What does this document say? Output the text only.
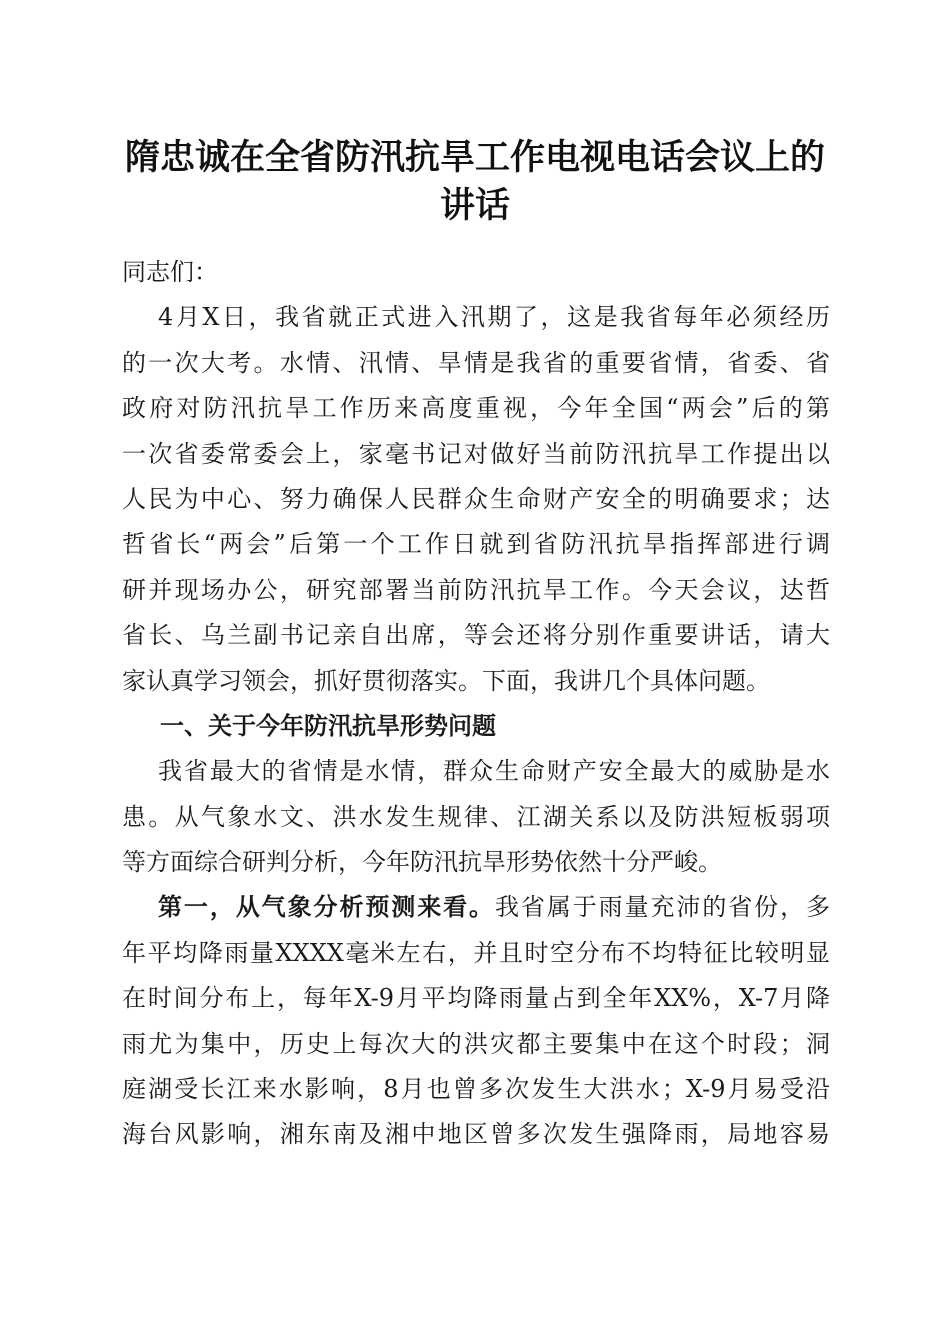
隋忠诚在全省防汛抗旱工作电视电话会议上的
讲话
同志们：
4月X日，我省就正式进入汛期了，这是我省每年必须经历
的一次大考。水情、汛情、旱情是我省的重要省情，省委、省
政府对防汛抗旱工作历来高度重视，今年全国“两会”后的第
一次省委常委会上，家毫书记对做好当前防汛抗旱工作提出以
人民为中心、努力确保人民群众生命财产安全的明确要求；达
哲省长“两会”后第一个工作日就到省防汛抗旱指挥部进行调
研并现场办公，研究部署当前防汛抗旱工作。今天会议，达哲
省长、乌兰副书记亲自出席，等会还将分别作重要讲话，请大
家认真学习领会，抓好贯彻落实。下面，我讲几个具体问题。
一、关于今年防汛抗旱形势问题
我省最大的省情是水情，群众生命财产安全最大的威胁是水
患。从气象水文、洪水发生规律、江湖关系以及防洪短板弱项
等方面综合研判分析，今年防汛抗旱形势依然十分严峻。
第一，从气象分析预测来看。我省属于雨量充沛的省份，多
年平均降雨量XXXX毫米左右，并且时空分布不均特征比较明显
在时间分布上，每年X-9月平均降雨量占到全年XX%，X-7月降
雨尤为集中，历史上每次大的洪灾都主要集中在这个时段；洞
庭湖受长江来水影响，8月也曾多次发生大洪水；X-9月易受沿
海台风影响，湘东南及湘中地区曾多次发生强降雨，局地容易
